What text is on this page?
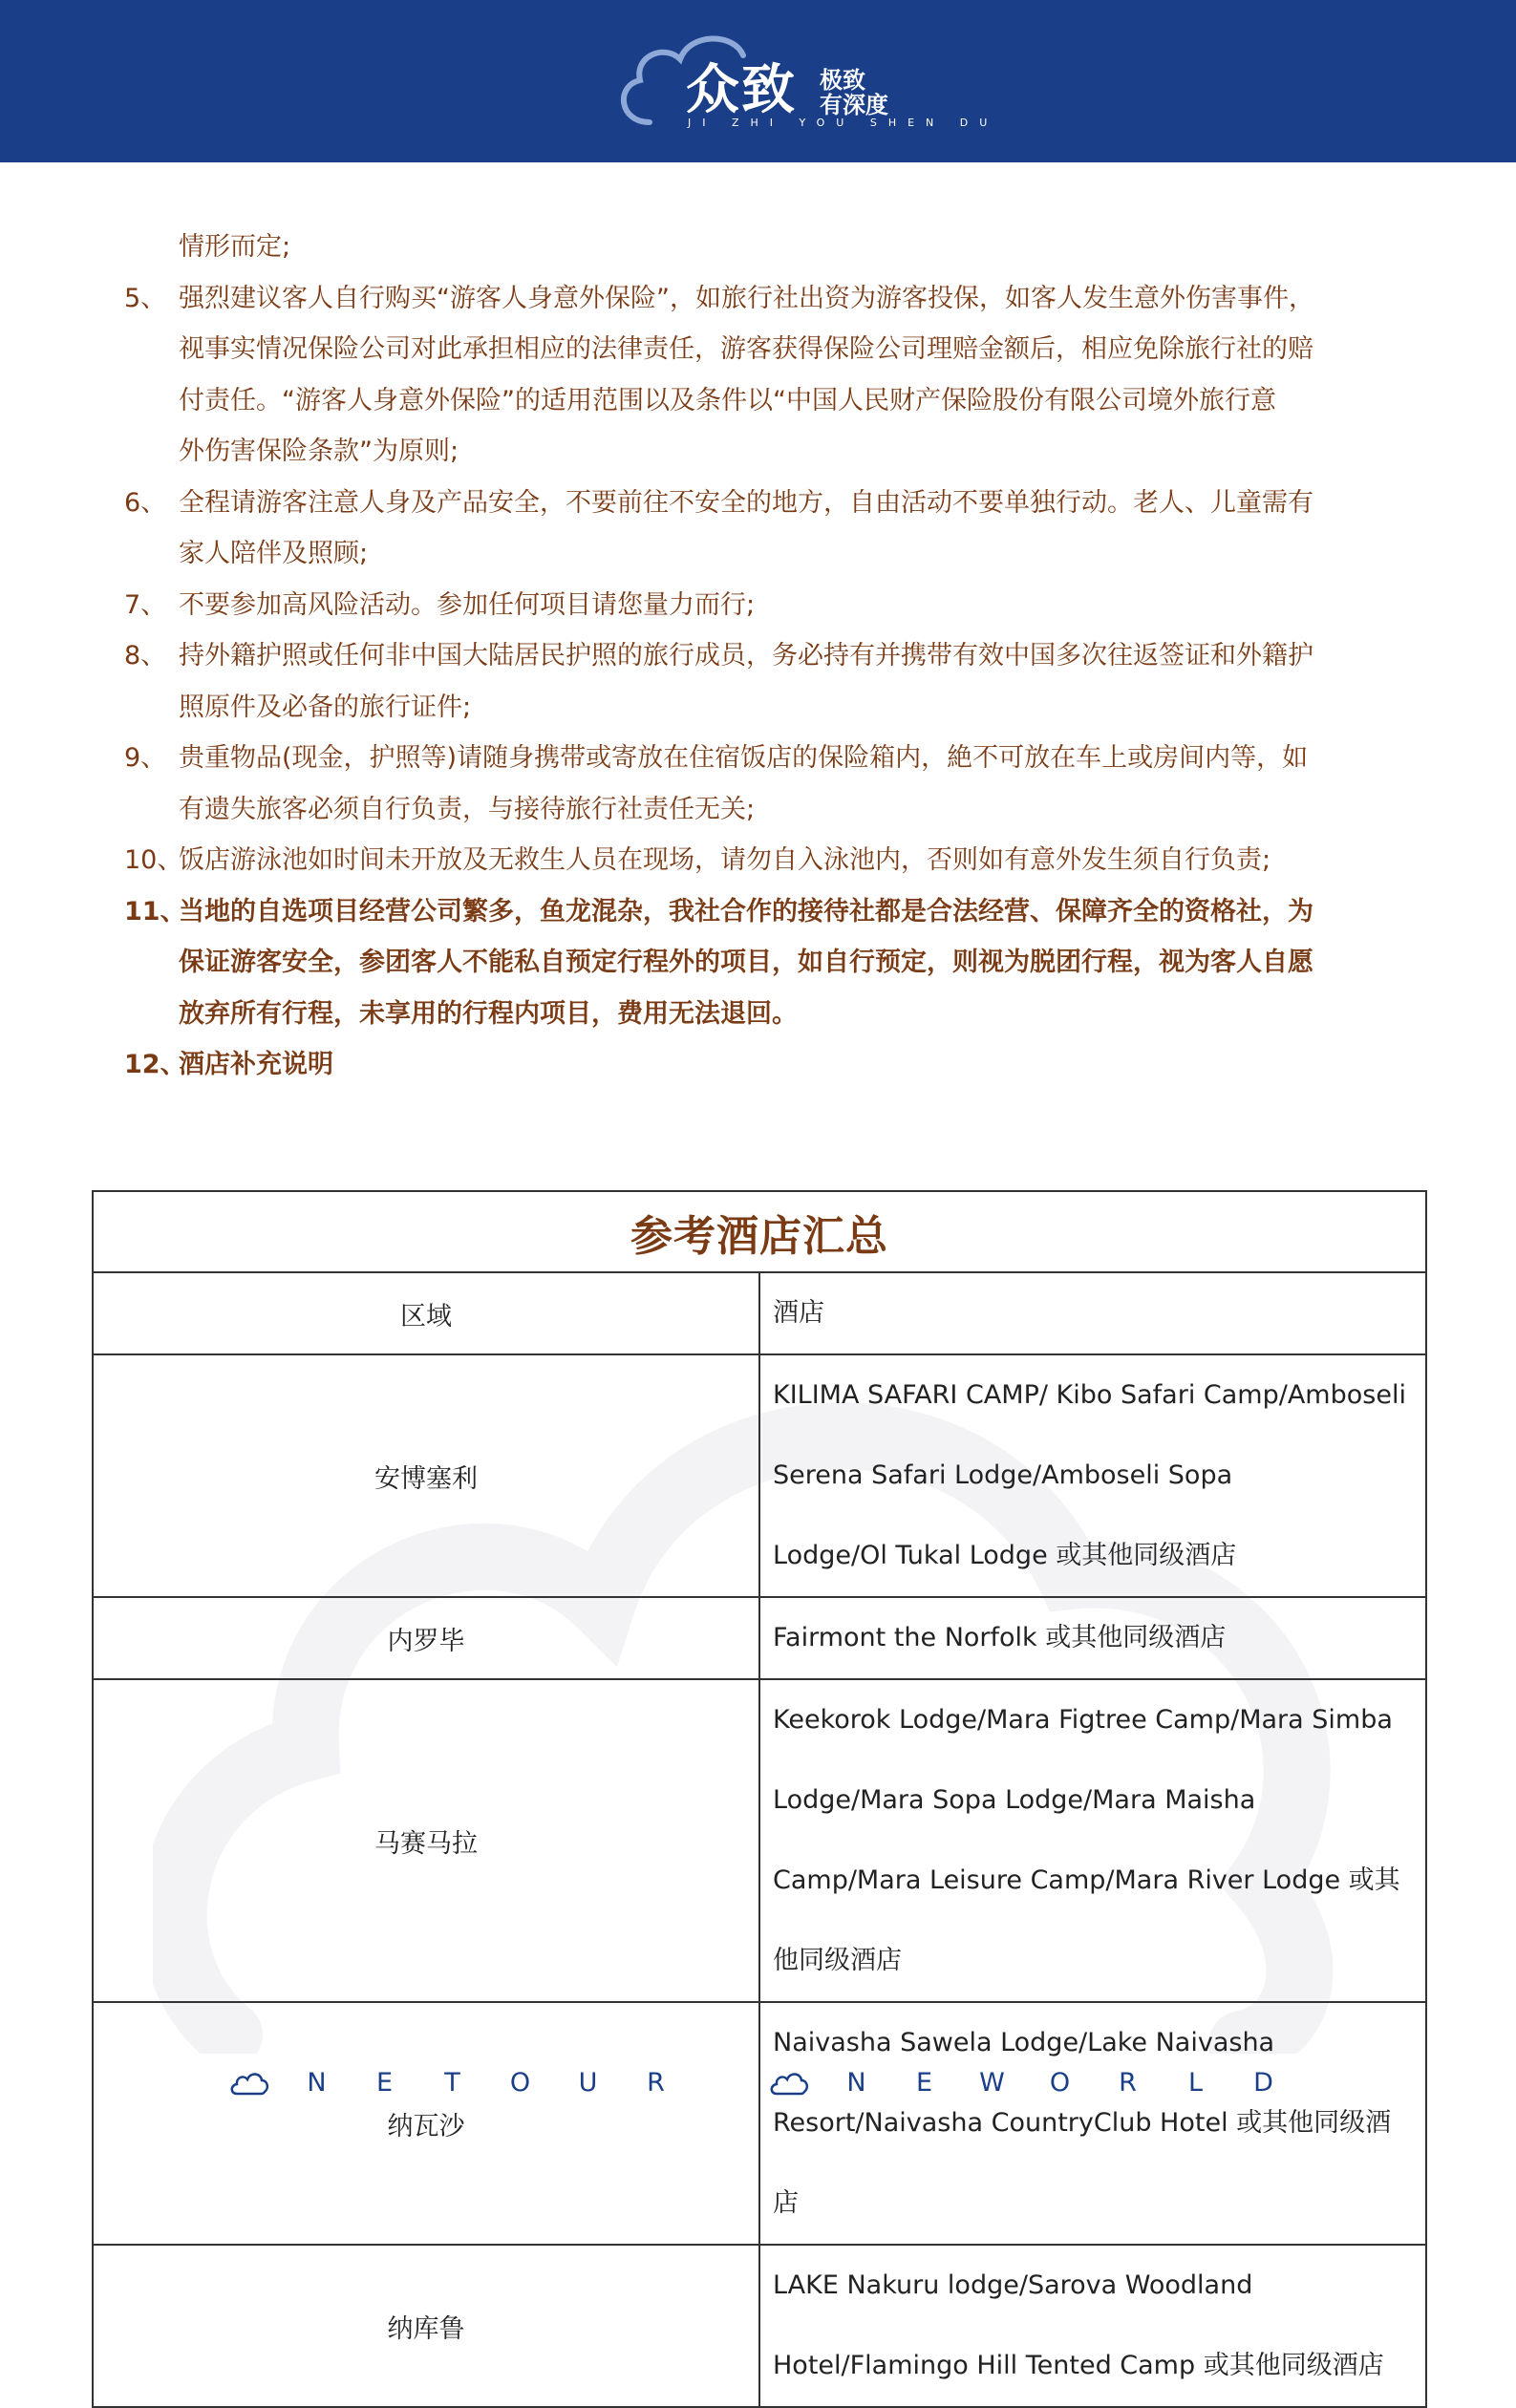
众致 极致
有深度
JI ZHI YOU SHEN DU
情形而定;
5、 强烈建议客人自行购买“游客人身意外保险”，如旅行社出资为游客投保，如客人发生意外伤害事件，
视事实情况保险公司对此承担相应的法律责任，游客获得保险公司理赔金额后，相应免除旅行社的赔
付责任。“游客人身意外保险”的适用范围以及条件以“中国人民财产保险股份有限公司境外旅行意
外伤害保险条款”为原则;
6、 全程请游客注意人身及产品安全，不要前往不安全的地方，自由活动不要单独行动。老人、儿童需有
家人陪伴及照顾;
7、 不要参加高风险活动。参加任何项目请您量力而行;
8、 持外籍护照或任何非中国大陆居民护照的旅行成员，务必持有并携带有效中国多次往返签证和外籍护
照原件及必备的旅行证件;
9、 贵重物品(现金，护照等)请随身携带或寄放在住宿饭店的保险箱内，絶不可放在车上或房间内等，如
有遗失旅客必须自行负责，与接待旅行社责任无关;
10、
饭店游泳池如时间未开放及无救生人员在现场，请勿自入泳池内，否则如有意外发生须自行负责;
11、
当地的自选项目经营公司繁多，鱼龙混杂，我社合作的接待社都是合法经营、保障齐全的资格社，为
保证游客安全，参团客人不能私自预定行程外的项目，如自行预定，则视为脱团行程，视为客人自愿
放弃所有行程，未享用的行程内项目，费用无法退回。
12、
酒店补充说明
参考酒店汇总	
区域	酒店
安博塞利	KILIMA SAFARI CAMP/ Kibo Safari Camp/Amboseli Serena Safari Lodge/Amboseli Sopa
Lodge/Ol Tukal Lodge 或其他同级酒店

内罗毕	Fairmont the Norfolk 或其他同级酒店

马赛马拉	Keekorok Lodge/Mara Figtree Camp/Mara Simba Lodge/Mara Sopa Lodge/Mara Maisha
Camp/Mara Leisure Camp/Mara River Lodge 或其他同级酒店

纳瓦沙	Naivasha Sawela Lodge/Lake Naivasha Resort/Naivasha CountryClub Hotel 或其他同级酒店

纳库鲁	LAKE Nakuru lodge/Sarova Woodland Hotel/Flamingo Hill Tented Camp 或其他同级酒店
N	E	T	O	U	R	N	E	W	O	R	L	D
